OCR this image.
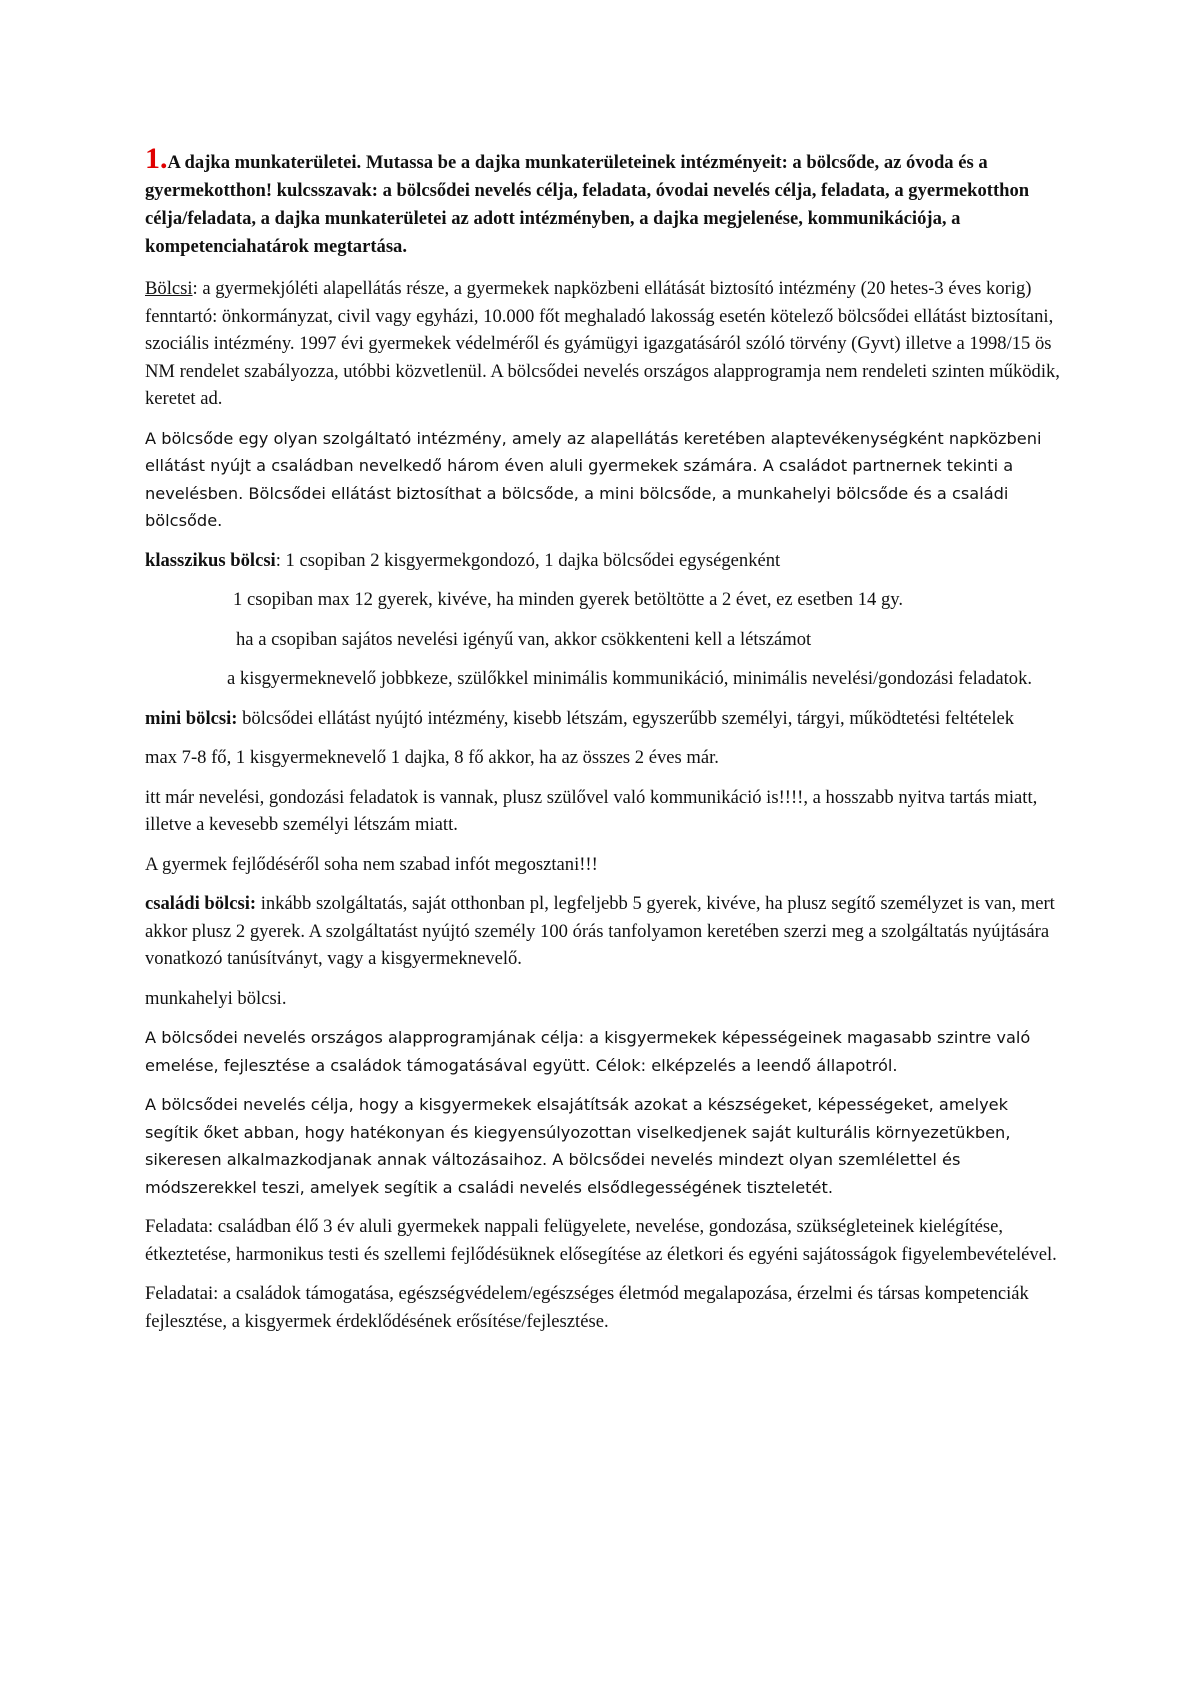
1.A dajka munkaterületei. Mutassa be a dajka munkaterületeinek intézményeit: a bölcsőde, az óvoda és a gyermekotthon! kulcsszavak: a bölcsődei nevelés célja, feladata, óvodai nevelés célja, feladata, a gyermekotthon célja/feladata, a dajka munkaterületei az adott intézményben, a dajka megjelenése, kommunikációja, a kompetenciahatárok megtartása.

Bölcsi: a gyermekjóléti alapellátás része, a gyermekek napközbeni ellátását biztosító intézmény (20 hetes-3 éves korig) fenntartó: önkormányzat, civil vagy egyházi, 10.000 főt meghaladó lakosság esetén kötelező bölcsődei ellátást biztosítani, szociális intézmény. 1997 évi gyermekek védelméről és gyámügyi igazgatásáról szóló törvény (Gyvt) illetve a 1998/15 ös NM rendelet szabályozza, utóbbi közvetlenül. A bölcsődei nevelés országos alapprogramja nem rendeleti szinten működik, keretet ad.

A bölcsőde egy olyan szolgáltató intézmény, amely az alapellátás keretében alaptevékenységként napközbeni ellátást nyújt a családban nevelkedő három éven aluli gyermekek számára. A családot partnernek tekinti a nevelésben. Bölcsődei ellátást biztosíthat a bölcsőde, a mini bölcsőde, a munkahelyi bölcsőde és a családi bölcsőde.

klasszikus bölcsi: 1 csopiban 2 kisgyermekgondozó, 1 dajka bölcsődei egységenként

1 csopiban max 12 gyerek, kivéve, ha minden gyerek betöltötte a 2 évet, ez esetben 14 gy.

ha a csopiban sajátos nevelési igényű van, akkor csökkenteni kell a létszámot

a kisgyermeknevelő jobbkeze, szülőkkel minimális kommunikáció, minimális nevelési/gondozási feladatok.

mini bölcsi: bölcsődei ellátást nyújtó intézmény, kisebb létszám, egyszerűbb személyi, tárgyi, működtetési feltételek

max 7-8 fő, 1 kisgyermeknevelő 1 dajka, 8 fő akkor, ha az összes 2 éves már.

itt már nevelési, gondozási feladatok is vannak, plusz szülővel való kommunikáció is!!!!, a hosszabb nyitva tartás miatt, illetve a kevesebb személyi létszám miatt.

A gyermek fejlődéséről soha nem szabad infót megosztani!!!

családi bölcsi: inkább szolgáltatás, saját otthonban pl, legfeljebb 5 gyerek, kivéve, ha plusz segítő személyzet is van, mert akkor plusz 2 gyerek. A szolgáltatást nyújtó személy 100 órás tanfolyamon keretében szerzi meg a szolgáltatás nyújtására vonatkozó tanúsítványt, vagy a kisgyermeknevelő.

munkahelyi bölcsi.

A bölcsődei nevelés országos alapprogramjának célja: a kisgyermekek képességeinek magasabb szintre való emelése, fejlesztése a családok támogatásával együtt. Célok: elképzelés a leendő állapotról.

A bölcsődei nevelés célja, hogy a kisgyermekek elsajátítsák azokat a készségeket, képességeket, amelyek segítik őket abban, hogy hatékonyan és kiegyensúlyozottan viselkedjenek saját kulturális környezetükben, sikeresen alkalmazkodjanak annak változásaihoz. A bölcsődei nevelés mindezt olyan szemlélettel és módszerekkel teszi, amelyek segítik a családi nevelés elsődlegességének tiszteletét.

Feladata: családban élő 3 év aluli gyermekek nappali felügyelete, nevelése, gondozása, szükségleteinek kielégítése, étkeztetése, harmonikus testi és szellemi fejlődésüknek elősegítése az életkori és egyéni sajátosságok figyelembevételével.

Feladatai: a családok támogatása, egészségvédelem/egészséges életmód megalapozása, érzelmi és társas kompetenciák fejlesztése, a kisgyermek érdeklődésének erősítése/fejlesztése.
